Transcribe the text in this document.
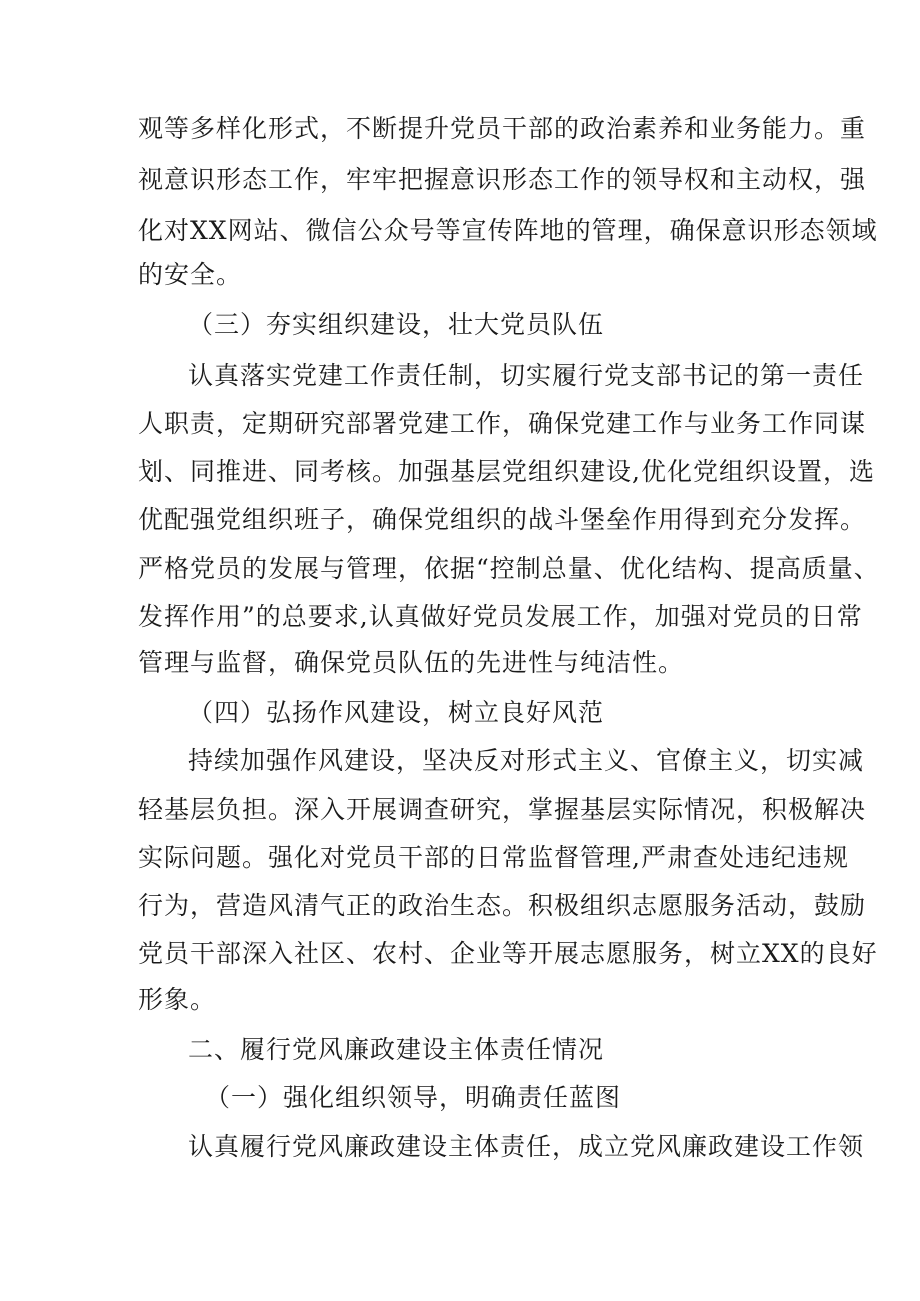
观等多样化形式，不断提升党员干部的政治素养和业务能力。重
视意识形态工作，牢牢把握意识形态工作的领导权和主动权，强
化对XX网站、微信公众号等宣传阵地的管理，确保意识形态领域
的安全。
（三）夯实组织建设，壮大党员队伍
认真落实党建工作责任制，切实履行党支部书记的第一责任
人职责，定期研究部署党建工作，确保党建工作与业务工作同谋
划、同推进、同考核。加强基层党组织建设,优化党组织设置，选
优配强党组织班子，确保党组织的战斗堡垒作用得到充分发挥。
严格党员的发展与管理，依据“控制总量、优化结构、提高质量、
发挥作用”的总要求,认真做好党员发展工作，加强对党员的日常
管理与监督，确保党员队伍的先进性与纯洁性。
（四）弘扬作风建设，树立良好风范
持续加强作风建设，坚决反对形式主义、官僚主义，切实减
轻基层负担。深入开展调查研究，掌握基层实际情况，积极解决
实际问题。强化对党员干部的日常监督管理,严肃查处违纪违规
行为，营造风清气正的政治生态。积极组织志愿服务活动，鼓励
党员干部深入社区、农村、企业等开展志愿服务，树立XX的良好
形象。
二、履行党风廉政建设主体责任情况
（一）强化组织领导，明确责任蓝图
认真履行党风廉政建设主体责任，成立党风廉政建设工作领
